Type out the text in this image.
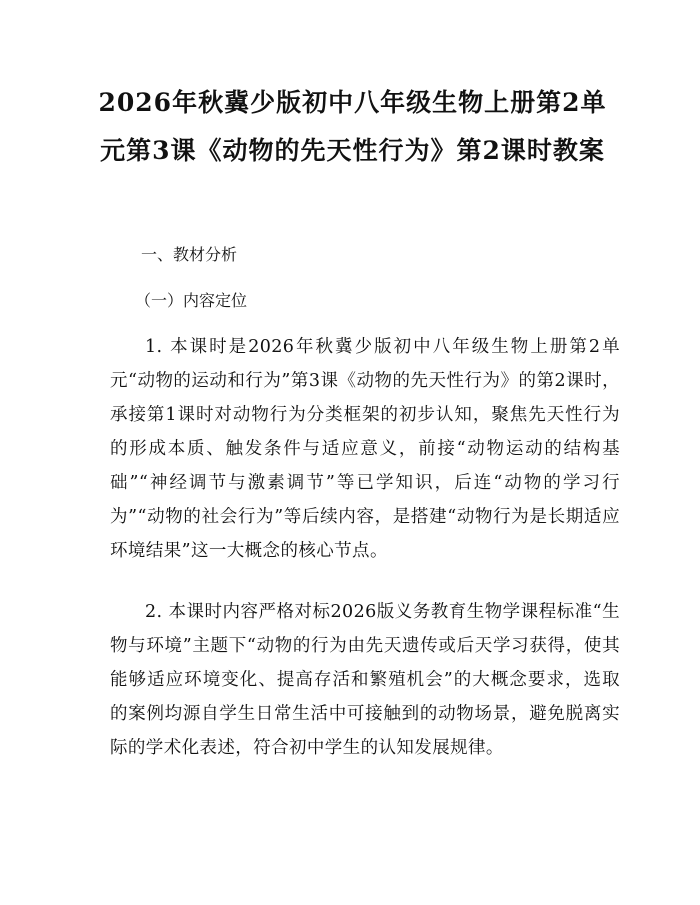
2026年秋冀少版初中八年级生物上册第2单元第3课《动物的先天性行为》第2课时教案

一、教材分析

（一）内容定位

1. 本课时是2026年秋冀少版初中八年级生物上册第2单元“动物的运动和行为”第3课《动物的先天性行为》的第2课时，承接第1课时对动物行为分类框架的初步认知，聚焦先天性行为的形成本质、触发条件与适应意义，前接“动物运动的结构基础”“神经调节与激素调节”等已学知识，后连“动物的学习行为”“动物的社会行为”等后续内容，是搭建“动物行为是长期适应环境结果”这一大概念的核心节点。

2. 本课时内容严格对标2026版义务教育生物学课程标准“生物与环境”主题下“动物的行为由先天遗传或后天学习获得，使其能够适应环境变化、提高存活和繁殖机会”的大概念要求，选取的案例均源自学生日常生活中可接触到的动物场景，避免脱离实际的学术化表述，符合初中学生的认知发展规律。
